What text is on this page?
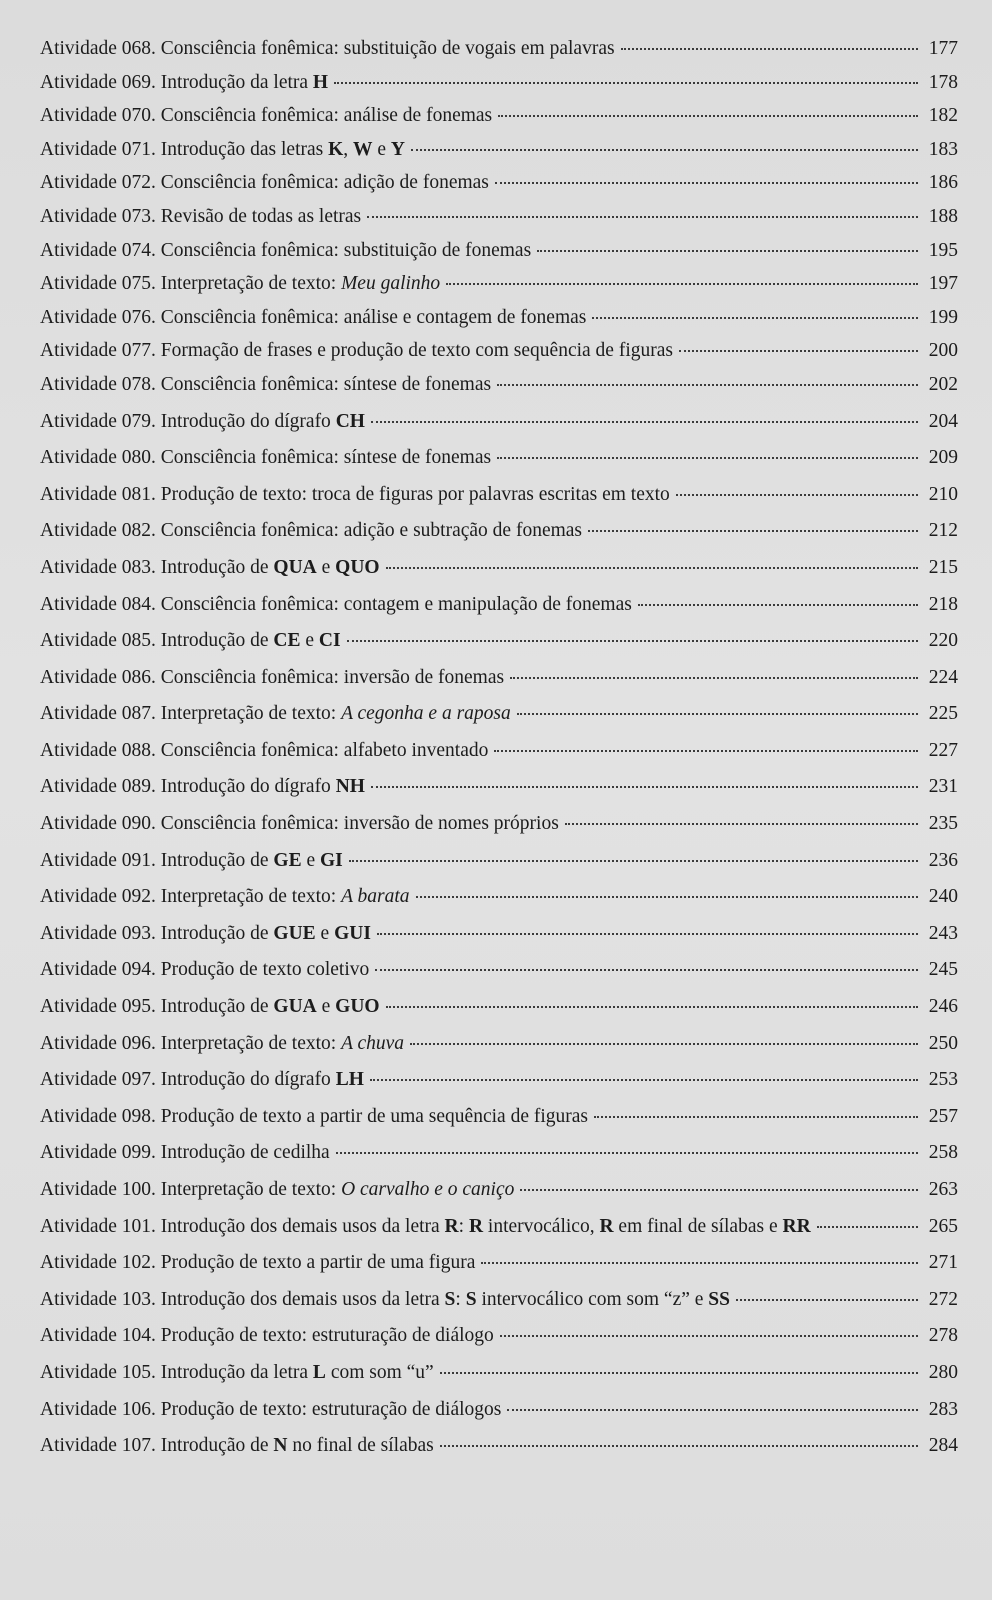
Atividade 068. Consciência fonêmica: substituição de vogais em palavras	177
Atividade 069. Introdução da letra H	178
Atividade 070. Consciência fonêmica: análise de fonemas	182
Atividade 071. Introdução das letras K, W e Y	183
Atividade 072. Consciência fonêmica: adição de fonemas	186
Atividade 073. Revisão de todas as letras	188
Atividade 074. Consciência fonêmica: substituição de fonemas	195
Atividade 075. Interpretação de texto: Meu galinho	197
Atividade 076. Consciência fonêmica: análise e contagem de fonemas	199
Atividade 077. Formação de frases e produção de texto com sequência de figuras	200
Atividade 078. Consciência fonêmica: síntese de fonemas	202
Atividade 079. Introdução do dígrafo CH	204
Atividade 080. Consciência fonêmica: síntese de fonemas	209
Atividade 081. Produção de texto: troca de figuras por palavras escritas em texto	210
Atividade 082. Consciência fonêmica: adição e subtração de fonemas	212
Atividade 083. Introdução de QUA e QUO	215
Atividade 084. Consciência fonêmica: contagem e manipulação de fonemas	218
Atividade 085. Introdução de CE e CI	220
Atividade 086. Consciência fonêmica: inversão de fonemas	224
Atividade 087. Interpretação de texto: A cegonha e a raposa	225
Atividade 088. Consciência fonêmica: alfabeto inventado	227
Atividade 089. Introdução do dígrafo NH	231
Atividade 090. Consciência fonêmica: inversão de nomes próprios	235
Atividade 091. Introdução de GE e GI	236
Atividade 092. Interpretação de texto: A barata	240
Atividade 093. Introdução de GUE e GUI	243
Atividade 094. Produção de texto coletivo	245
Atividade 095. Introdução de GUA e GUO	246
Atividade 096. Interpretação de texto: A chuva	250
Atividade 097. Introdução do dígrafo LH	253
Atividade 098. Produção de texto a partir de uma sequência de figuras	257
Atividade 099. Introdução de cedilha	258
Atividade 100. Interpretação de texto: O carvalho e o caniço	263
Atividade 101. Introdução dos demais usos da letra R: R intervocálico, R em final de sílabas e RR	265
Atividade 102. Produção de texto a partir de uma figura	271
Atividade 103. Introdução dos demais usos da letra S: S intervocálico com som “z” e SS	272
Atividade 104. Produção de texto: estruturação de diálogo	278
Atividade 105. Introdução da letra L com som “u”	280
Atividade 106. Produção de texto: estruturação de diálogos	283
Atividade 107. Introdução de N no final de sílabas	284
